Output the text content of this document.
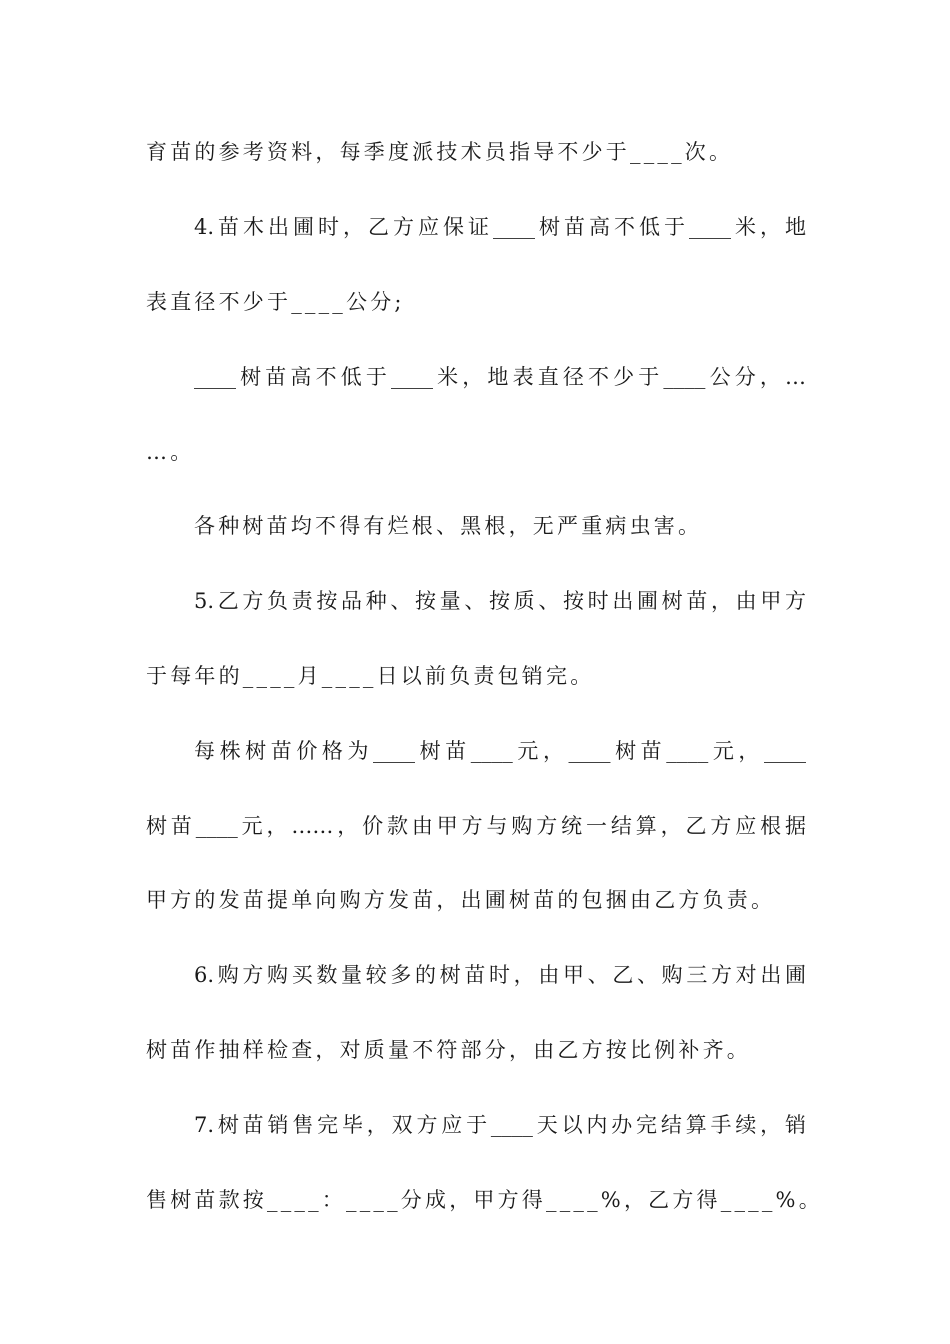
育苗的参考资料，每季度派技术员指导不少于____次。
4.苗木出圃时，乙方应保证____树苗高不低于____米，地
表直径不少于____公分;
____树苗高不低于____米，地表直径不少于____公分，…
…。
各种树苗均不得有烂根、黑根，无严重病虫害。
5.乙方负责按品种、按量、按质、按时出圃树苗，由甲方
于每年的____月____日以前负责包销完。
每株树苗价格为____树苗____元，____树苗____元，____
树苗____元，……，价款由甲方与购方统一结算，乙方应根据
甲方的发苗提单向购方发苗，出圃树苗的包捆由乙方负责。
6.购方购买数量较多的树苗时，由甲、乙、购三方对出圃
树苗作抽样检查，对质量不符部分，由乙方按比例补齐。
7.树苗销售完毕，双方应于____天以内办完结算手续，销
售树苗款按____：____分成，甲方得____%，乙方得____%。
